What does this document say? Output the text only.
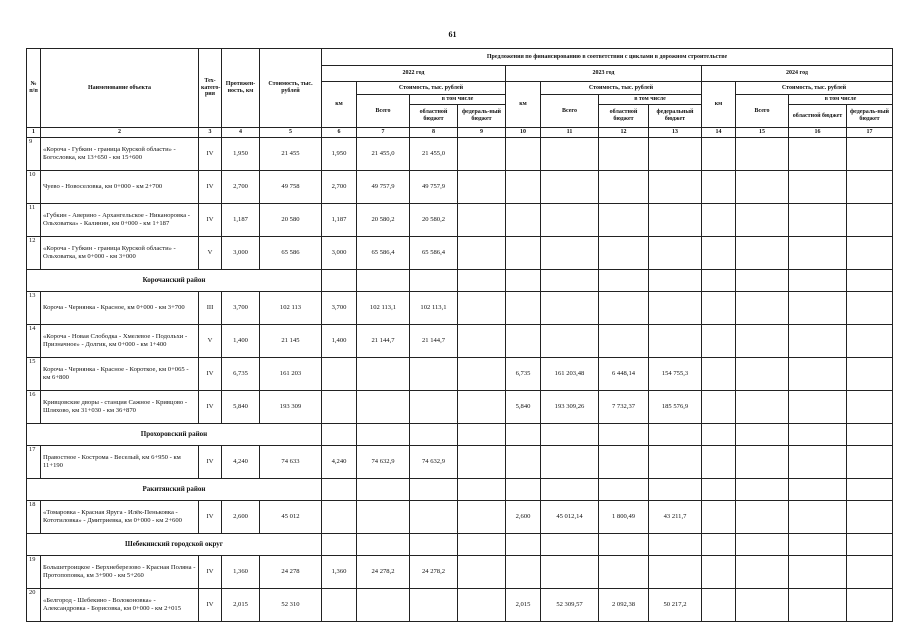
61
№ п/п	Наименование объекта	Тех-катего-рия	Протяжен-ность, км	Стоимость, тыс. рублей	Предложения по финансированию в соответствии с циклами в дорожном строительстве											
					2022 год				2023 год				2024 год			
					км	Стоимость, тыс. рублей			км	Стоимость, тыс. рублей			км	Стоимость, тыс. рублей		
						Всего	в том числе			Всего	в том числе			Всего	в том числе	
							областной бюджет	федераль-ный бюджет			областной бюджет	федеральный бюджет			областной бюджет	федераль-ный бюджет
1	2	3	4	5	6	7	8	9	10	11	12	13	14	15	16	17
9	«Короча - Губкин - граница Курской области» - Богословка, км 13+650 - км 15+600	IV	1,950	21 455	1,950	21 455,0	21 455,0									
10	Чуево - Новоселовка, км 0+000 - км 2+700	IV	2,700	49 758	2,700	49 757,9	49 757,9									
11	«Губкин - Аверино - Архангельское - Никаноровка - Ольховатка» - Калинин, км 0+000 - км 1+187	IV	1,187	20 580	1,187	20 580,2	20 580,2									
12	«Короча - Губкин - граница Курской области» - Ольховатка, км 0+000 - км 3+000	V	3,000	65 586	3,000	65 586,4	65 586,4									
Корочанский район																
13	Короча - Чернянка - Красное, км 0+000 - км 3+700	III	3,700	102 113	3,700	102 113,1	102 113,1									
14	«Короча - Новая Слободка - Хмелевое - Подольхи - Призначное» - Долгик, км 0+000 - км 1+400	V	1,400	21 145	1,400	21 144,7	21 144,7									
15	Короча - Чернянка - Красное - Короткое, км 0+065 - км 6+800	IV	6,735	161 203					6,735	161 203,48	6 448,14	154 755,3				
16	Кривцовские дворы - станция Сажное - Кривцово - Шляхово, км 31+030 - км 36+870	IV	5,840	193 309					5,840	193 309,26	7 732,37	185 576,9				
Прохоровский район																
17	Правостное - Кострома - Веселый, км 6+950 - км 11+190	IV	4,240	74 633	4,240	74 632,9	74 632,9									
Ракитянский район																
18	«Томаровка - Красная Яруга - Илёк-Пеньковка - Кототиловка» - Дмитриевка, км 0+000 - км 2+600	IV	2,600	45 012					2,600	45 012,14	1 800,49	43 211,7				
Шебекинский городской округ																
19	Большетроицкое - Верхнеберезово - Красная Поляна - Протопоповка, км 3+900 - км 5+260	IV	1,360	24 278	1,360	24 278,2	24 278,2									
20	«Белгород - Шебекино - Волоконовка» - Александровка - Борисовка, км 0+000 - км 2+015	IV	2,015	52 310					2,015	52 309,57	2 092,38	50 217,2				
